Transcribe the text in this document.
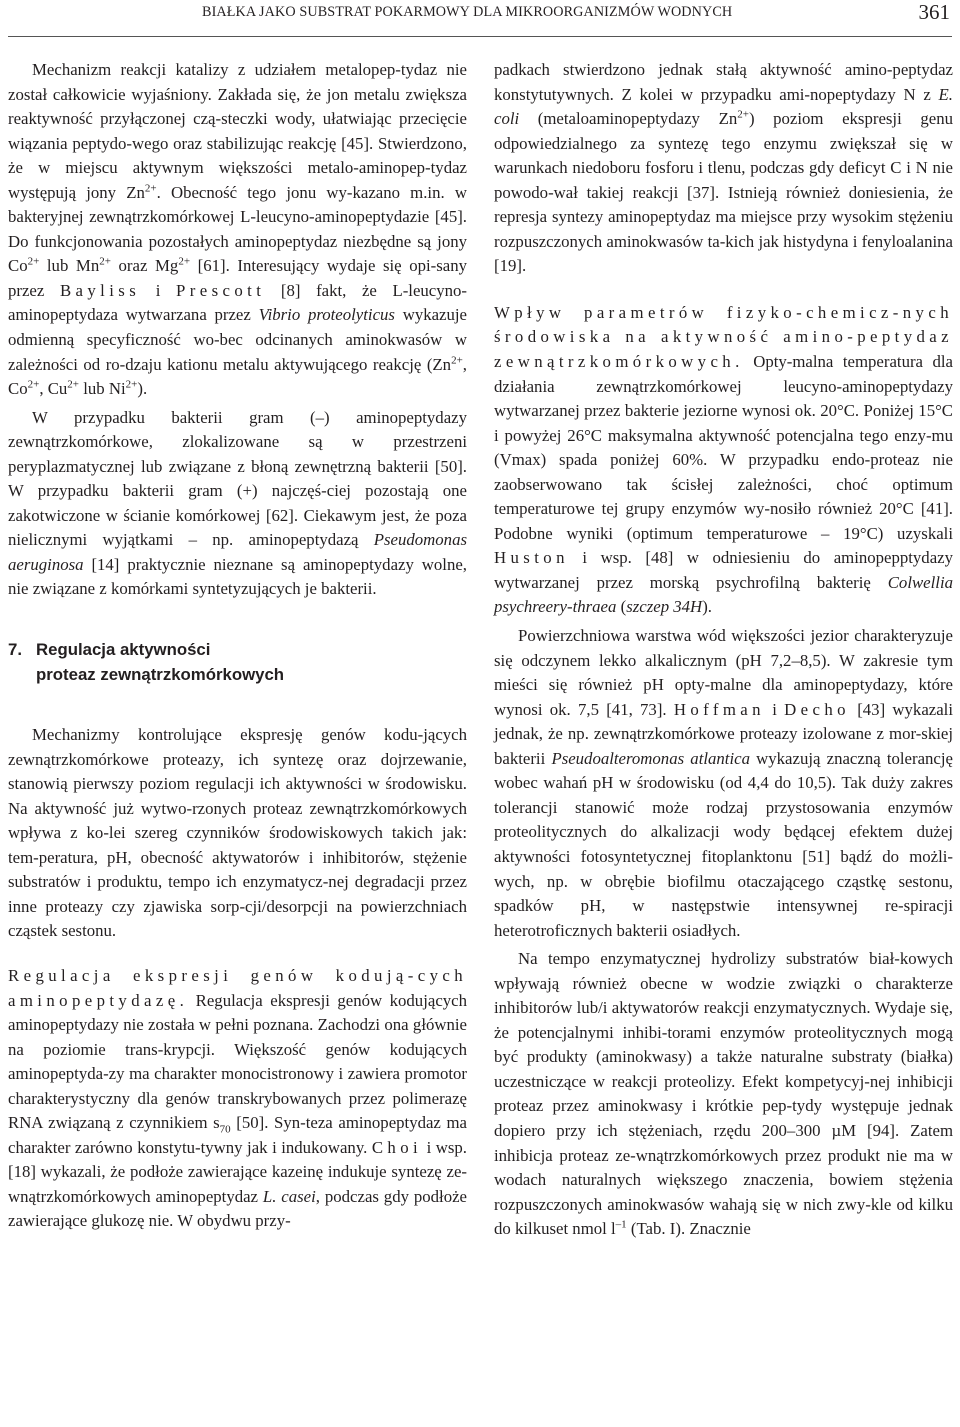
BIAŁKA JAKO SUBSTRAT POKARMOWY DLA MIKROORGANIZMÓW WODNYCH	361

Mechanizm reakcji katalizy z udziałem metalopep-tydaz nie został całkowicie wyjaśniony. Zakłada się, że jon metalu zwiększa reaktywność przyłączonej czą-steczki wody, ułatwiając przecięcie wiązania peptydo-wego oraz stabilizując reakcję [45]. Stwierdzono, że w miejscu aktywnym większości metalo-aminopep-tydaz występują jony $Zn^{2+}$. Obecność tego jonu wy-kazano m.in. w bakteryjnej zewnątrzkomórkowej L-leucyno-aminopeptydazie [45]. Do funkcjonowania pozostałych aminopeptydaz niezbędne są jony $Co^{2+}$ lub $Mn^{2+}$ oraz $Mg^{2+}$ [61]. Interesujący wydaje się opi-sany przez Bayliss i Prescott [8] fakt, że L-leucyno-aminopeptydaza wytwarzana przez Vibrio proteolyticus wykazuje odmienną specyficzność wo-bec odcinanych aminokwasów w zależności od ro-dzaju kationu metalu aktywującego reakcję ($Zn^{2+}$, $Co^{2+}$, $Cu^{2+}$ lub $Ni^{2+}$).

W przypadku bakterii gram (–) aminopeptydazy zewnątrzkomórkowe, zlokalizowane są w przestrzeni peryplazmatycznej lub związane z błoną zewnętrzną bakterii [50]. W przypadku bakterii gram (+) najczęś-ciej pozostają one zakotwiczone w ścianie komórkowej [62]. Ciekawym jest, że poza nielicznymi wyjątkami – np. aminopeptydazą Pseudomonas aeruginosa [14] praktycznie nieznane są aminopeptydazy wolne, nie związane z komórkami syntetyzujących je bakterii.

7. Regulacja aktywności
proteaz zewnątrzkomórkowych

Mechanizmy kontrolujące ekspresję genów kodu-jących zewnątrzkomórkowe proteazy, ich syntezę oraz dojrzewanie, stanowią pierwszy poziom regulacji ich aktywności w środowisku. Na aktywność już wytwo-rzonych proteaz zewnątrzkomórkowych wpływa z ko-lei szereg czynników środowiskowych takich jak: tem-peratura, pH, obecność aktywatorów i inhibitorów, stężenie substratów i produktu, tempo ich enzymatycz-nej degradacji przez inne proteazy czy zjawiska sorp-cji/desorpcji na powierzchniach cząstek sestonu.

Regulacja ekspresji genów kodują-cych aminopeptydazę. Regulacja ekspresji genów kodujących aminopeptydazy nie została w pełni poznana. Zachodzi ona głównie na poziomie trans-krypcji. Większość genów kodujących aminopeptyda-zy ma charakter monocistronowy i zawiera promotor charakterystyczny dla genów transkrybowanych przez polimerazę RNA związaną z czynnikiem $s_{70}$ [50]. Syn-teza aminopeptydaz ma charakter zarówno konstytu-tywny jak i indukowany. Choi i wsp. [18] wykazali, że podłoże zawierające kazeinę indukuje syntezę ze-wnątrzkomórkowych aminopeptydaz L. casei, podczas gdy podłoże zawierające glukozę nie. W obydwu przy-

padkach stwierdzono jednak stałą aktywność amino-peptydaz konstytutywnych. Z kolei w przypadku ami-nopeptydazy N z E. coli (metaloaminopeptydazy $Zn^{2+}$) poziom ekspresji genu odpowiedzialnego za syntezę tego enzymu zwiększał się w warunkach niedoboru fosforu i tlenu, podczas gdy deficyt C i N nie powodo-wał takiej reakcji [37]. Istnieją również doniesienia, że represja syntezy aminopeptydaz ma miejsce przy wysokim stężeniu rozpuszczonych aminokwasów ta-kich jak histydyna i fenyloalanina [19].

Wpływ parametrów fizyko-chemicz-nych środowiska na aktywność amino-peptydaz zewnątrzkomórkowych. Opty-malna temperatura dla działania zewnątrzkomórkowej leucyno-aminopeptydazy wytwarzanej przez bakterie jeziorne wynosi ok. 20°C. Poniżej 15°C i powyżej 26°C maksymalna aktywność potencjalna tego enzy-mu (Vmax) spada poniżej 60%. W przypadku endo-proteaz nie zaobserwowano tak ścisłej zależności, choć optimum temperaturowe tej grupy enzymów wy-nosiło również 20°C [41]. Podobne wyniki (optimum temperaturowe – 19°C) uzyskali Huston i wsp. [48] w odniesieniu do aminopepptydazy wytwarzanej przez morską psychrofilną bakterię Colwellia psychreery-thraea (szczep 34H).

Powierzchniowa warstwa wód większości jezior charakteryzuje się odczynem lekko alkalicznym (pH 7,2–8,5). W zakresie tym mieści się również pH opty-malne dla aminopeptydazy, które wynosi ok. 7,5 [41, 73]. Hoffman i Decho [43] wykazali jednak, że np. zewnątrzkomórkowe proteazy izolowane z mor-skiej bakterii Pseudoalteromonas atlantica wykazują znaczną tolerancję wobec wahań pH w środowisku (od 4,4 do 10,5). Tak duży zakres tolerancji stanowić może rodzaj przystosowania enzymów proteolitycznych do alkalizacji wody będącej efektem dużej aktywności fotosyntetycznej fitoplanktonu [51] bądź do możli-wych, np. w obrębie biofilmu otaczającego cząstkę sestonu, spadków pH, w następstwie intensywnej re-spiracji heterotroficznych bakterii osiadłych.

Na tempo enzymatycznej hydrolizy substratów biał-kowych wpływają również obecne w wodzie związki o charakterze inhibitorów lub/i aktywatorów reakcji enzymatycznych. Wydaje się, że potencjalnymi inhibi-torami enzymów proteolitycznych mogą być produkty (aminokwasy) a także naturalne substraty (białka) uczestniczące w reakcji proteolizy. Efekt kompetycyj-nej inhibicji proteaz przez aminokwasy i krótkie pep-tydy występuje jednak dopiero przy ich stężeniach, rzędu 200–300 µM [94]. Zatem inhibicja proteaz ze-wnątrzkomórkowych przez produkt nie ma w wodach naturalnych większego znaczenia, bowiem stężenia rozpuszczonych aminokwasów wahają się w nich zwy-kle od kilku do kilkuset nmol $l^{-1}$ (Tab. I). Znacznie
